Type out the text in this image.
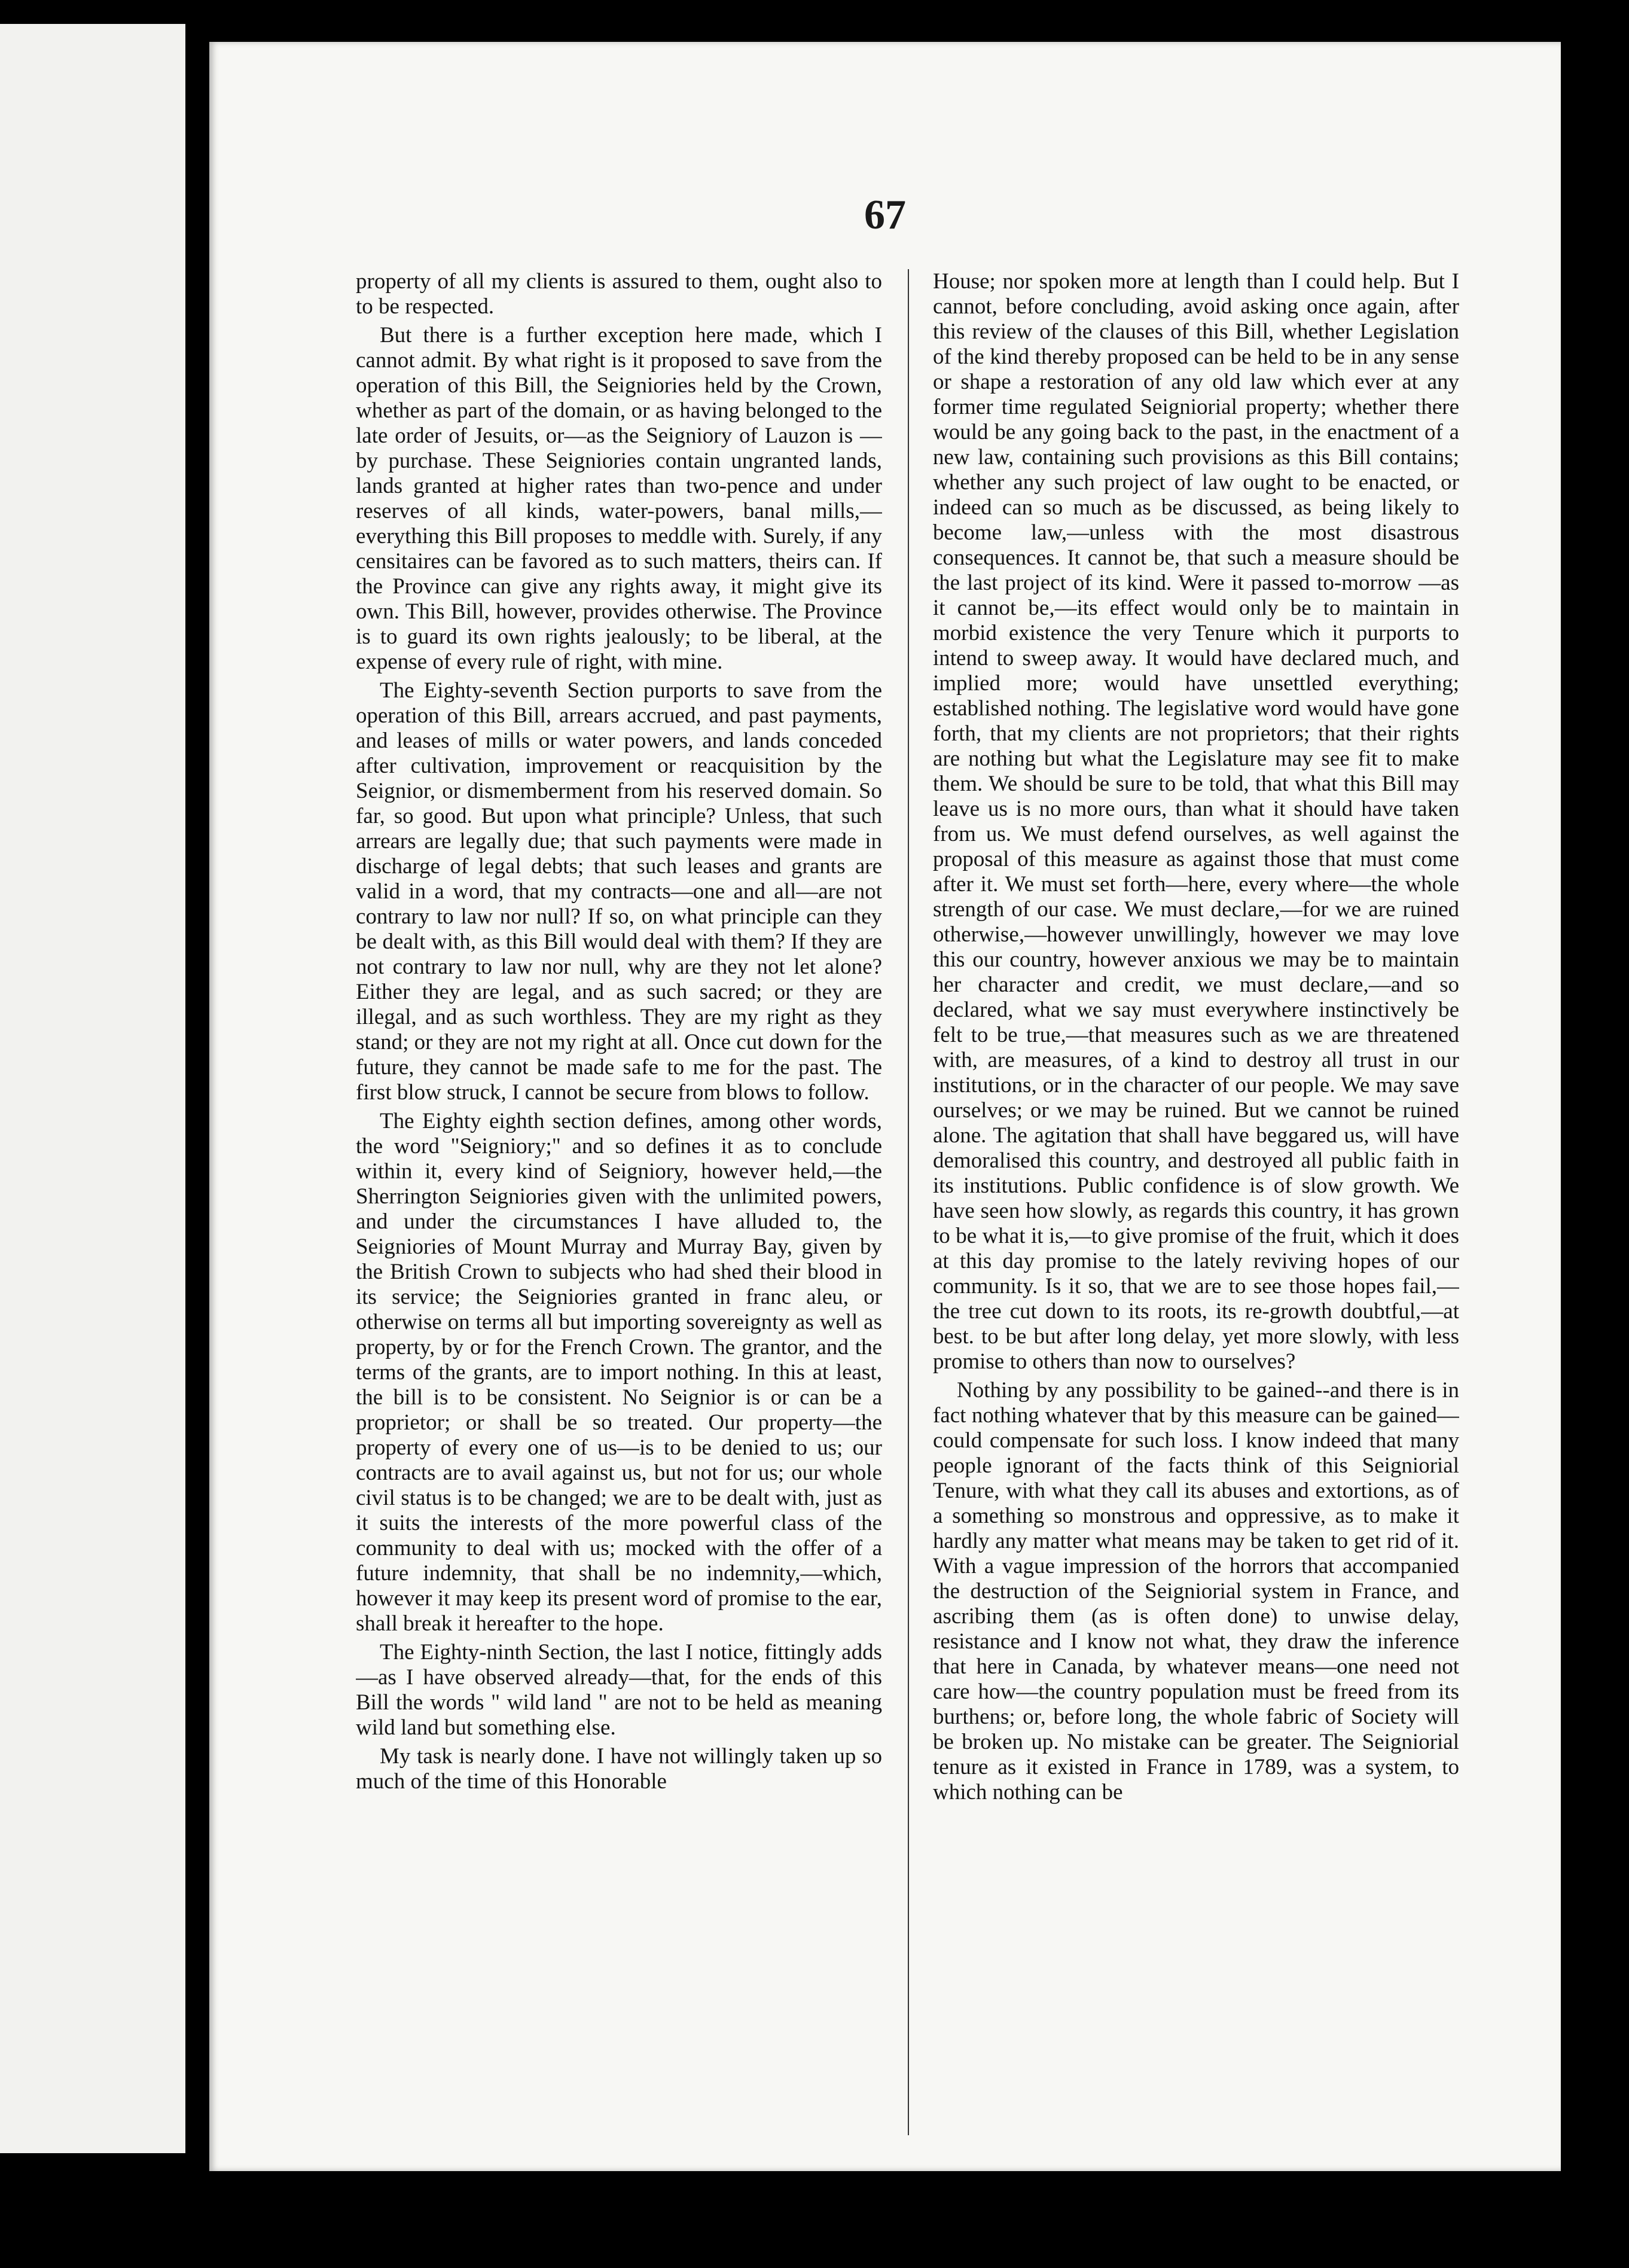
67

property of all my clients is assured to them, ought also to to be respected.

But there is a further exception here made, which I cannot admit. By what right is it proposed to save from the operation of this Bill, the Seigniories held by the Crown, whether as part of the domain, or as having belonged to the late order of Jesuits, or—as the Seigniory of Lauzon is —by purchase. These Seigniories contain ungranted lands, lands granted at higher rates than two-pence and under reserves of all kinds, water-powers, banal mills,—everything this Bill proposes to meddle with. Surely, if any censitaires can be favored as to such matters, theirs can. If the Province can give any rights away, it might give its own. This Bill, however, provides otherwise. The Province is to guard its own rights jealously; to be liberal, at the expense of every rule of right, with mine.

The Eighty-seventh Section purports to save from the operation of this Bill, arrears accrued, and past payments, and leases of mills or water powers, and lands conceded after cultivation, improvement or reacquisition by the Seignior, or dismemberment from his reserved domain. So far, so good. But upon what principle? Unless, that such arrears are legally due; that such payments were made in discharge of legal debts; that such leases and grants are valid in a word, that my contracts—one and all—are not contrary to law nor null? If so, on what principle can they be dealt with, as this Bill would deal with them? If they are not contrary to law nor null, why are they not let alone? Either they are legal, and as such sacred; or they are illegal, and as such worthless. They are my right as they stand; or they are not my right at all. Once cut down for the future, they cannot be made safe to me for the past. The first blow struck, I cannot be secure from blows to follow.

The Eighty eighth section defines, among other words, the word "Seigniory;" and so defines it as to conclude within it, every kind of Seigniory, however held,—the Sherrington Seigniories given with the unlimited powers, and under the circumstances I have alluded to, the Seigniories of Mount Murray and Murray Bay, given by the British Crown to subjects who had shed their blood in its service; the Seigniories granted in franc aleu, or otherwise on terms all but importing sovereignty as well as property, by or for the French Crown. The grantor, and the terms of the grants, are to import nothing. In this at least, the bill is to be consistent. No Seignior is or can be a proprietor; or shall be so treated. Our property—the property of every one of us—is to be denied to us; our contracts are to avail against us, but not for us; our whole civil status is to be changed; we are to be dealt with, just as it suits the interests of the more powerful class of the community to deal with us; mocked with the offer of a future indemnity, that shall be no indemnity,—which, however it may keep its present word of promise to the ear, shall break it hereafter to the hope.

The Eighty-ninth Section, the last I notice, fittingly adds—as I have observed already—that, for the ends of this Bill the words " wild land " are not to be held as meaning wild land but something else.

My task is nearly done. I have not willingly taken up so much of the time of this Honorable

House; nor spoken more at length than I could help. But I cannot, before concluding, avoid asking once again, after this review of the clauses of this Bill, whether Legislation of the kind thereby proposed can be held to be in any sense or shape a restoration of any old law which ever at any former time regulated Seigniorial property; whether there would be any going back to the past, in the enactment of a new law, containing such provisions as this Bill contains; whether any such project of law ought to be enacted, or indeed can so much as be discussed, as being likely to become law,—unless with the most disastrous consequences. It cannot be, that such a measure should be the last project of its kind. Were it passed to-morrow —as it cannot be,—its effect would only be to maintain in morbid existence the very Tenure which it purports to intend to sweep away. It would have declared much, and implied more; would have unsettled everything; established nothing. The legislative word would have gone forth, that my clients are not proprietors; that their rights are nothing but what the Legislature may see fit to make them. We should be sure to be told, that what this Bill may leave us is no more ours, than what it should have taken from us. We must defend ourselves, as well against the proposal of this measure as against those that must come after it. We must set forth—here, every where—the whole strength of our case. We must declare,—for we are ruined otherwise,—however unwillingly, however we may love this our country, however anxious we may be to maintain her character and credit, we must declare,—and so declared, what we say must everywhere instinctively be felt to be true,—that measures such as we are threatened with, are measures, of a kind to destroy all trust in our institutions, or in the character of our people. We may save ourselves; or we may be ruined. But we cannot be ruined alone. The agitation that shall have beggared us, will have demoralised this country, and destroyed all public faith in its institutions. Public confidence is of slow growth. We have seen how slowly, as regards this country, it has grown to be what it is,—to give promise of the fruit, which it does at this day promise to the lately reviving hopes of our community. Is it so, that we are to see those hopes fail,—the tree cut down to its roots, its re-growth doubtful,—at best. to be but after long delay, yet more slowly, with less promise to others than now to ourselves?

Nothing by any possibility to be gained--and there is in fact nothing whatever that by this measure can be gained—could compensate for such loss. I know indeed that many people ignorant of the facts think of this Seigniorial Tenure, with what they call its abuses and extortions, as of a something so monstrous and oppressive, as to make it hardly any matter what means may be taken to get rid of it. With a vague impression of the horrors that accompanied the destruction of the Seigniorial system in France, and ascribing them (as is often done) to unwise delay, resistance and I know not what, they draw the inference that here in Canada, by whatever means—one need not care how—the country population must be freed from its burthens; or, before long, the whole fabric of Society will be broken up. No mistake can be greater. The Seigniorial tenure as it existed in France in 1789, was a system, to which nothing can be
